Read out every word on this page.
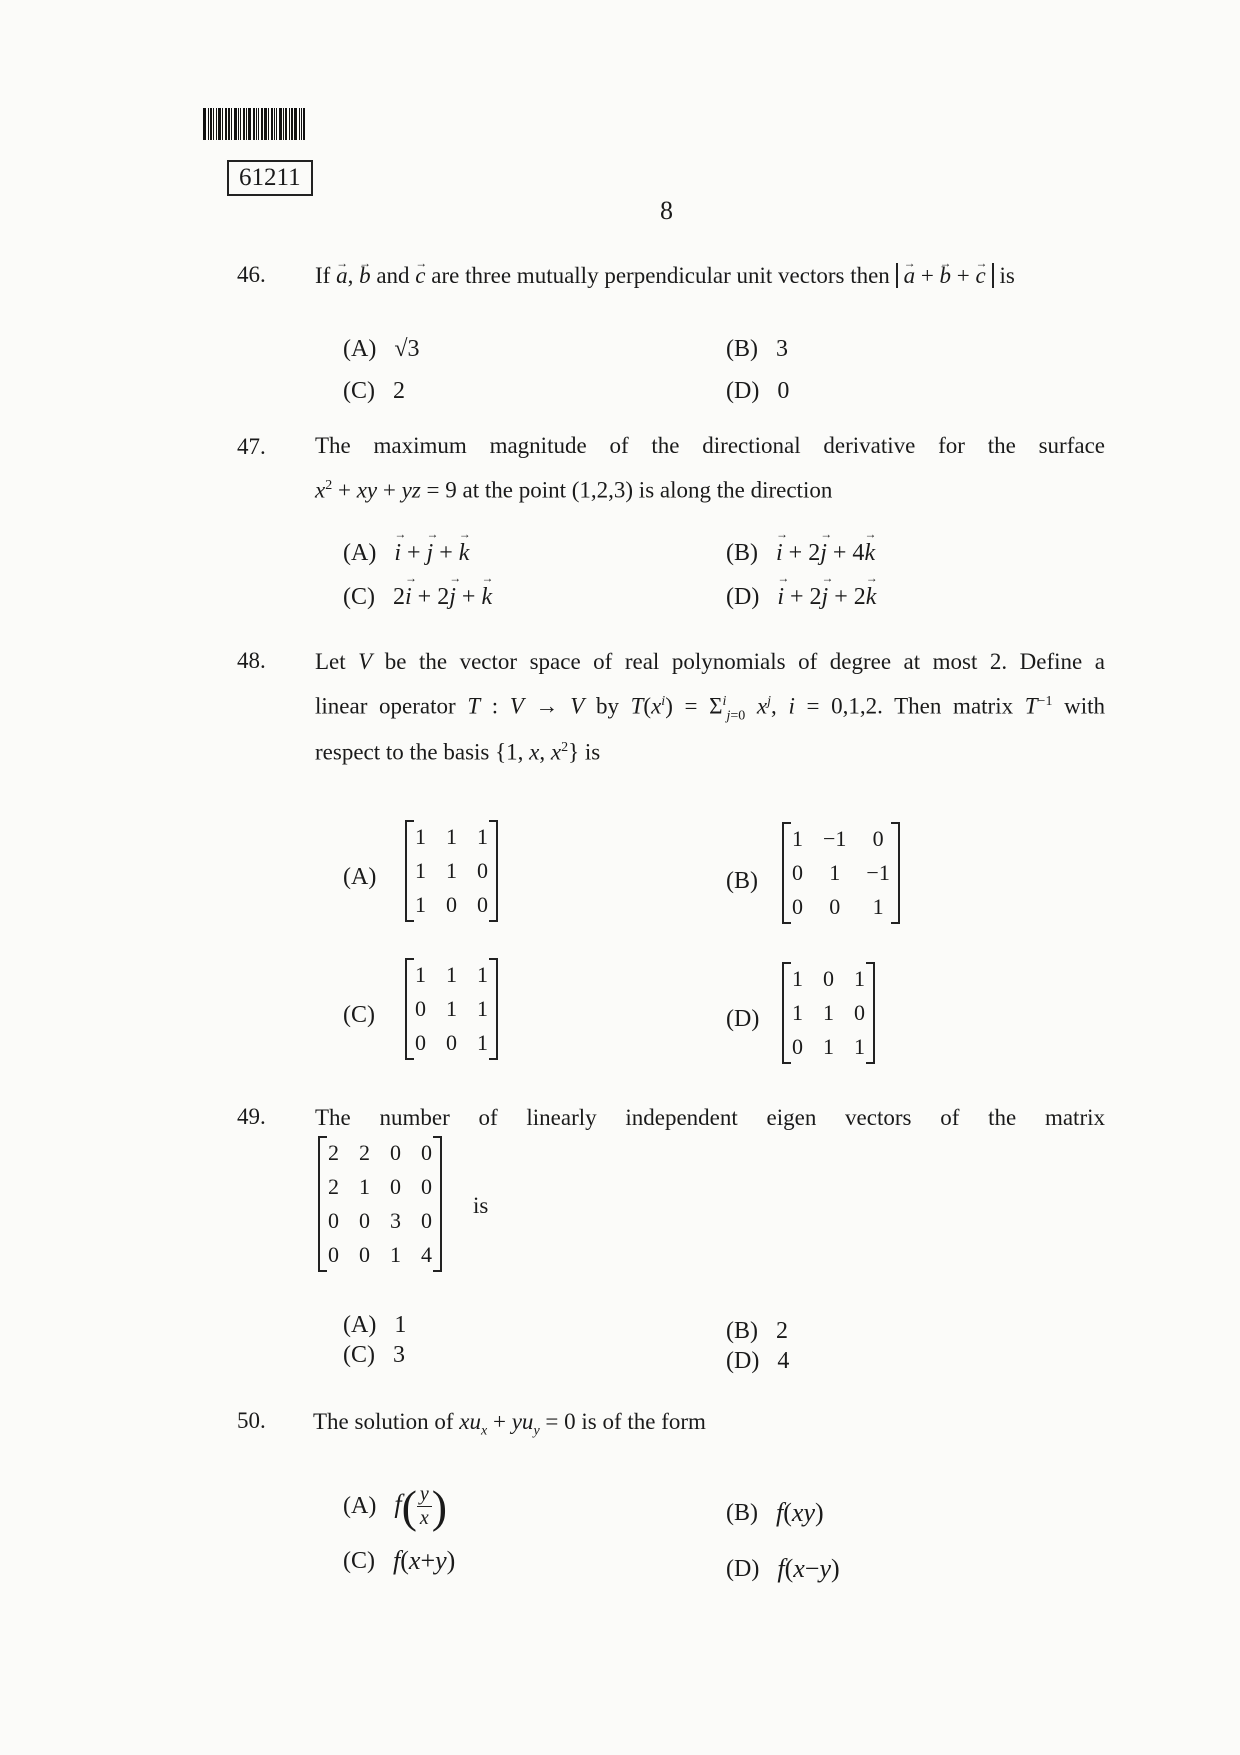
61211
8
46. If → a, → b and → c are three mutually perpendicular unit vectors then → a + → b + → c is
(A) √3	(B) 3
(C) 2	(D) 0
47. The maximum magnitude of the directional derivative for the surface
$x^2$ + xy + yz = 9 at the point (1,2,3) is along the direction
(A) → i + → j + → k	(B) → i + 2→ j + 4→ k
(C) 2→ i + 2→ j + → k	(D) → i + 2→ j + 2→ k
48. Let V be the vector space of real polynomials of degree at most 2. Define a
linear operator T : V → V by $T(x^i) = \Sigma^i_{j=0}$ $x^j$, i = 0,1,2. Then matrix $T^{-1}$ with
respect to the basis {1, x, $x^2$} is
(A)
1	1	1
1	1	0
1	0	0
(B)
1	−1	0
0	1	−1
0	0	1
(C)
1	1	1
0	1	1
0	0	1
(D)
1	0	1
1	1	0
0	1	1
49. The number of linearly independent eigen vectors of the matrix
2	2	0	0
2	1	0	0
0	0	3	0
0	0	1	4
is
(A) 1	(B) 2
(C) 3	(D) 4
50. The solution of $xu_x + yu_y = 0$ is of the form
(A) $f( \frac{y}{x}$ )	(B) f(xy)
(C) f(x+y)	(D) f(x−y)
